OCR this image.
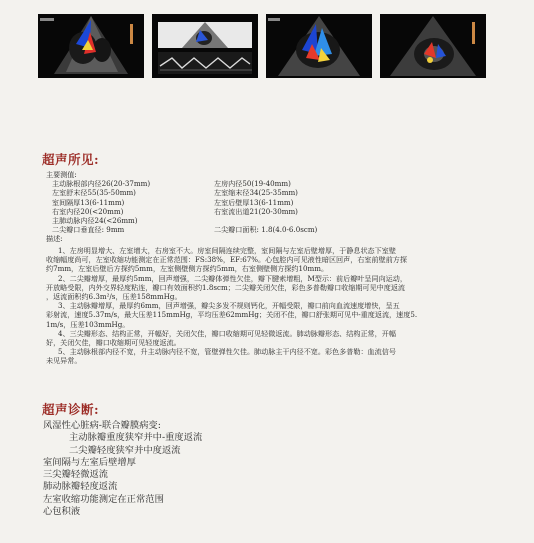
超声所见:
主要测值:
主动脉根部内径26(20-37mm)	左房内径50(19-40mm)
左室舒末径55(35-50mm)	左室缩末径34(25-35mm)
室间隔厚13(6-11mm)	左室后壁厚13(6-11mm)
右室内径20(<20mm)	右室流出道21(20-30mm)
主肺动脉内径24(<26mm)
二尖瓣口垂直径: 9mm	二尖瓣口面积: 1.8(4.0-6.0scm)
描述:

1、左房明显增大、左室增大，右房室不大。房室间隔连续完整，室间隔与左室后壁增厚，于静息状态下室壁

收缩幅度尚可，左室收缩功能测定在正常范围：FS:38%，EF:67%。心包腔内可见液性暗区回声，右室前壁前方探

约7mm，左室后壁后方探约5mm，左室侧壁侧方探约5mm，右室侧壁侧方探约10mm。

2、二尖瓣增厚，最厚约5mm，回声增强，二尖瓣体弹性欠佳，瓣下腱索增粗，M型示：前后瓣叶呈同向运动，

开放略受限，内外交界轻度粘连，瓣口有效面积约1.8scm；二尖瓣关闭欠佳，彩色多普勒瓣口收缩期可见中度返流

，返流面积约6.3m²/s，压差158mmHg。

3、主动脉瓣增厚，最厚约6mm，回声增强，瓣尖多发不规则钙化，开幅受限，瓣口前向血流速度增快，呈五

彩射流，速度5.37m/s，最大压差115mmHg，平均压差62mmHg；关闭不佳，瓣口舒张期可见中-重度返流，速度5.

1m/s，压差103mmHg。

4、三尖瓣形态、结构正常，开幅好，关闭欠佳，瓣口收缩期可见轻微返流。肺动脉瓣形态、结构正常，开幅

好，关闭欠佳，瓣口收缩期可见轻度返流。

5、主动脉根部内径不宽，升主动脉内径不宽，管壁弹性欠佳。肺动脉主干内径不宽。彩色多普勒：血流信号

未见异常。

超声诊断:
风湿性心脏病-联合瓣膜病变:
主动脉瓣重度狭窄并中-重度返流
二尖瓣轻度狭窄并中度返流
室间隔与左室后壁增厚
三尖瓣轻微返流
肺动脉瓣轻度返流
左室收缩功能测定在正常范围
心包积液
